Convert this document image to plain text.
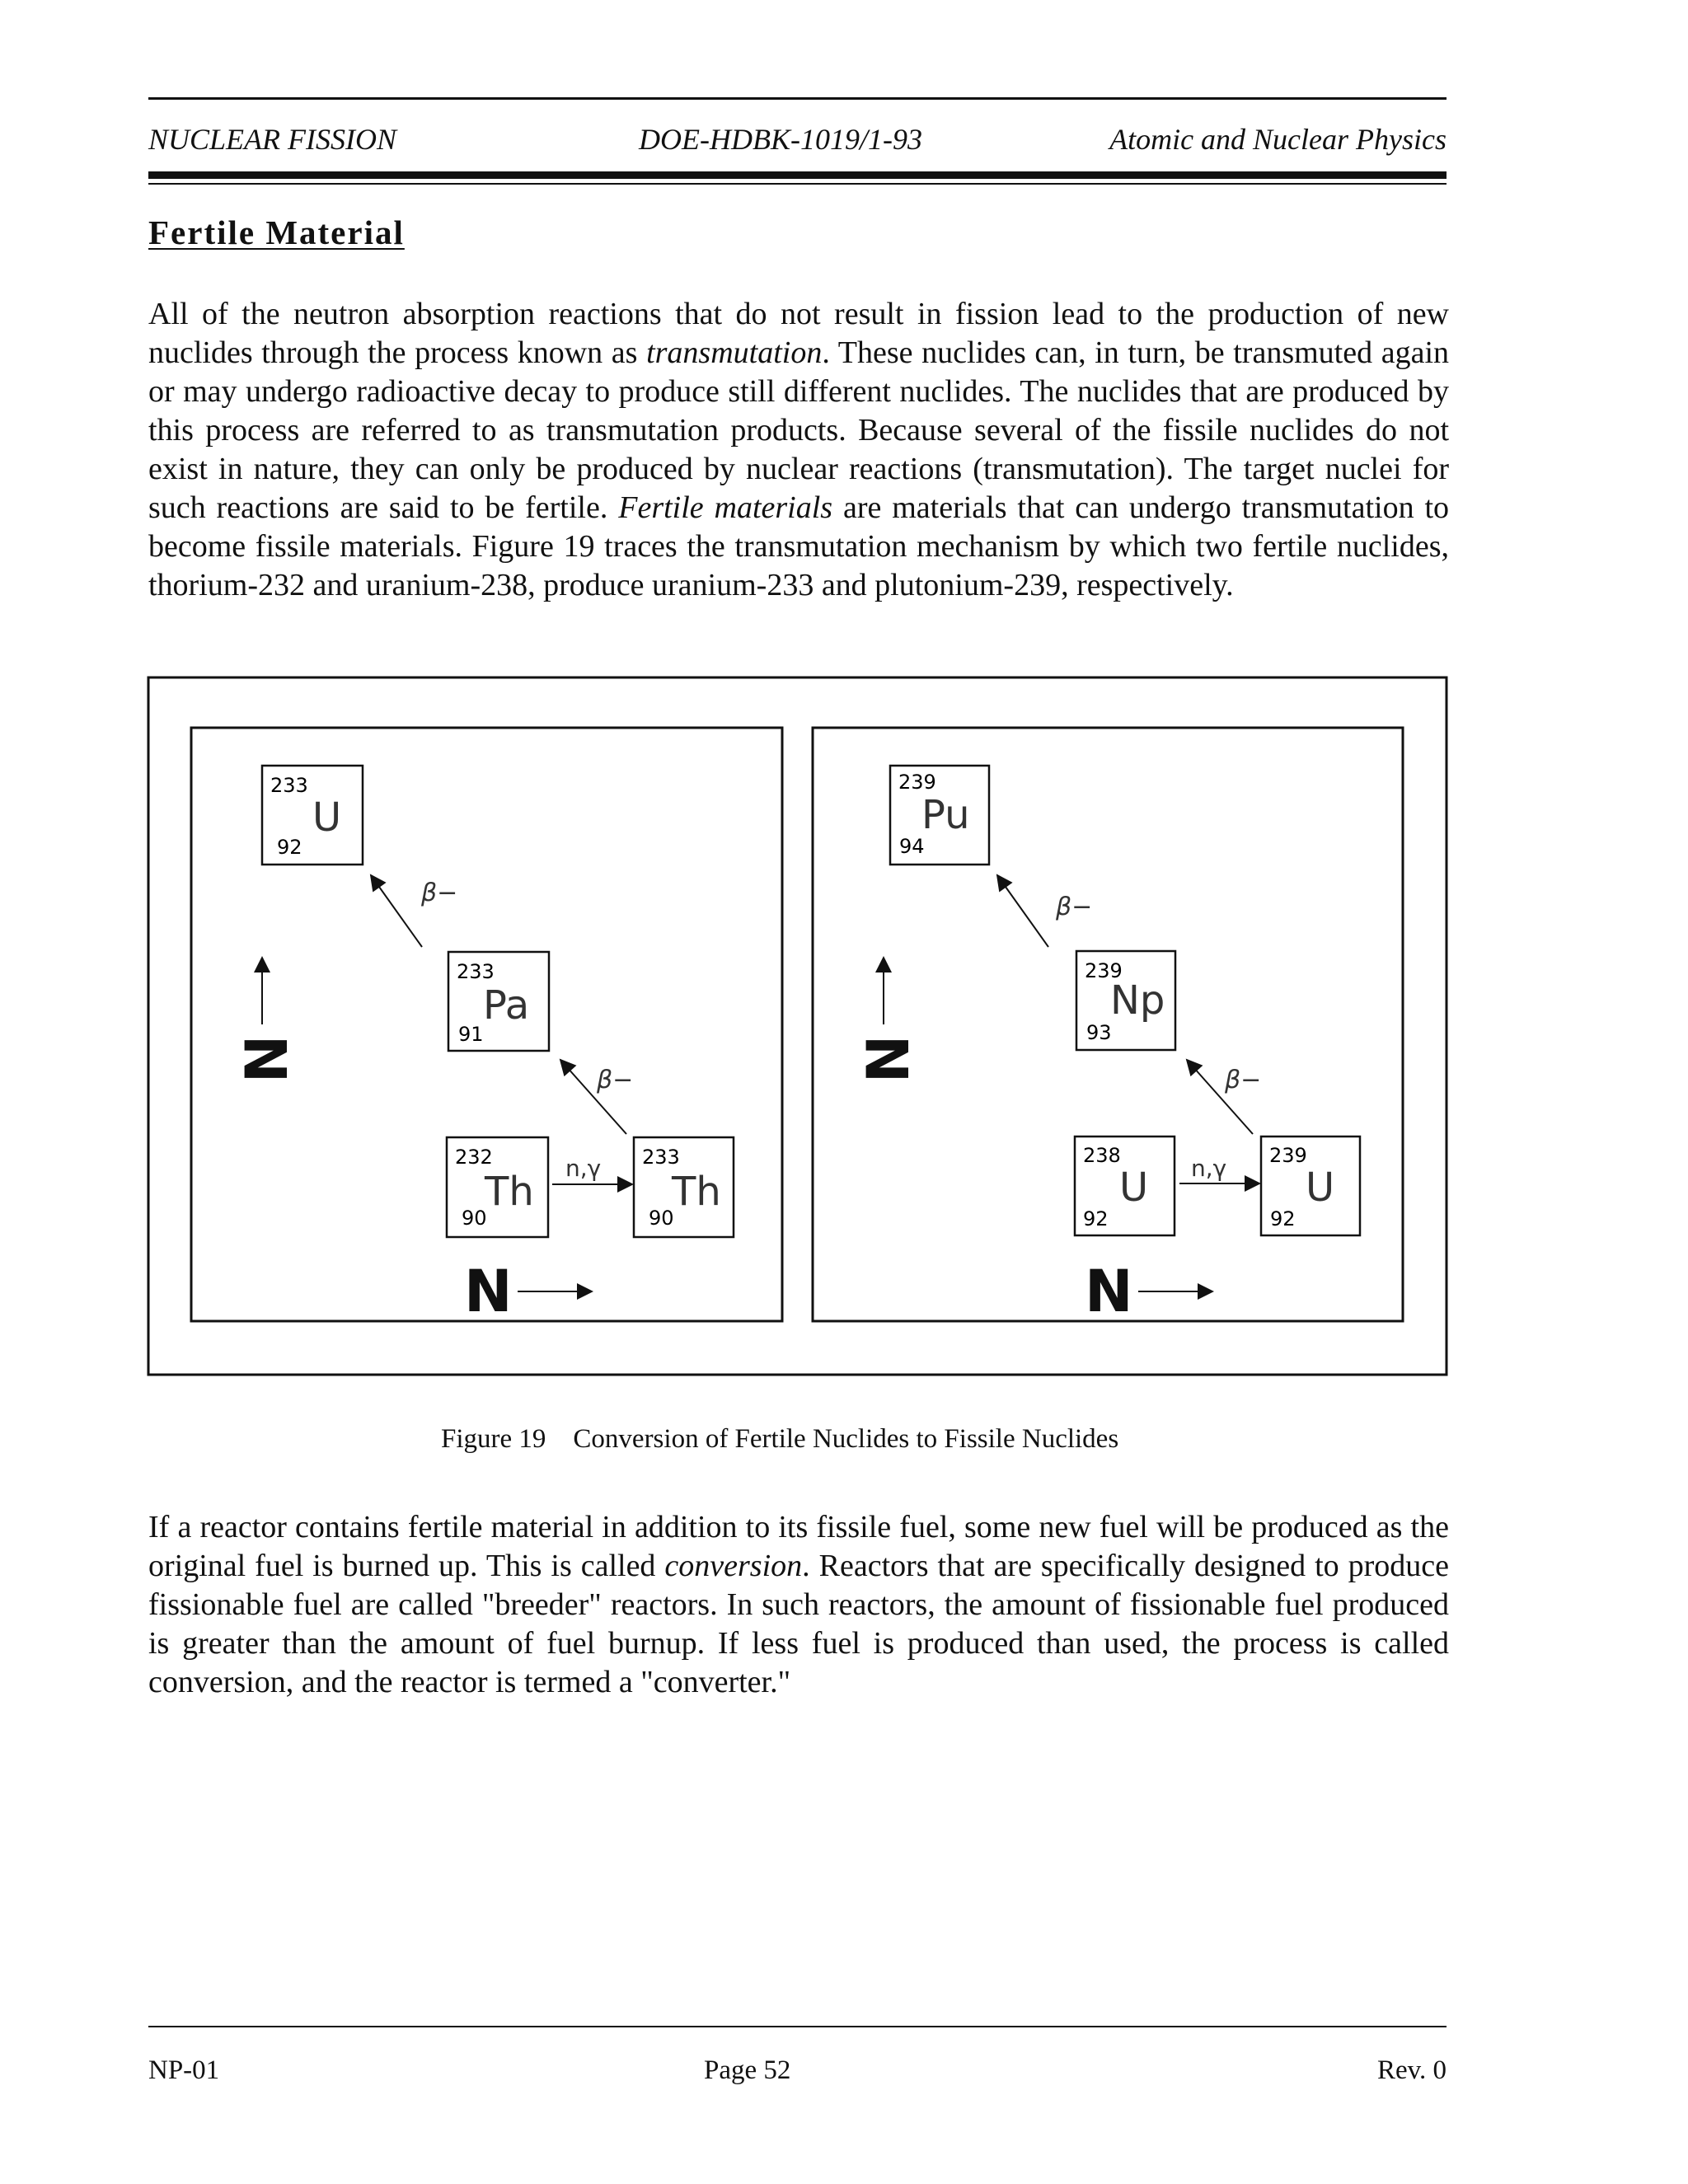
NUCLEAR FISSION	DOE-HDBK-1019/1-93	Atomic and Nuclear Physics
Fertile Material

All of the neutron absorption reactions that do not result in fission lead to the production of new nuclides through the process known as transmutation. These nuclides can, in turn, be transmuted again or may undergo radioactive decay to produce still different nuclides. The nuclides that are produced by this process are referred to as transmutation products. Because several of the fissile nuclides do not exist in nature, they can only be produced by nuclear reactions (transmutation). The target nuclei for such reactions are said to be fertile. Fertile materials are materials that can undergo transmutation to become fissile materials. Figure 19 traces the transmutation mechanism by which two fertile nuclides, thorium-232 and uranium-238, produce uranium-233 and plutonium-239, respectively.

233
U
92
233
Pa
91
232
Th
90
233
Th
90
β−
β−
n,γ
N
N
239
Pu
94
239
Np
93
238
U
92
239
U
92
β−
β−
n,γ
N
N
Figure 19    Conversion of Fertile Nuclides to Fissile Nuclides

If a reactor contains fertile material in addition to its fissile fuel, some new fuel will be produced as the original fuel is burned up. This is called conversion. Reactors that are specifically designed to produce fissionable fuel are called "breeder" reactors. In such reactors, the amount of fissionable fuel produced is greater than the amount of fuel burnup. If less fuel is produced than used, the process is called conversion, and the reactor is termed a "converter."

NP-01	Page 52	Rev. 0
